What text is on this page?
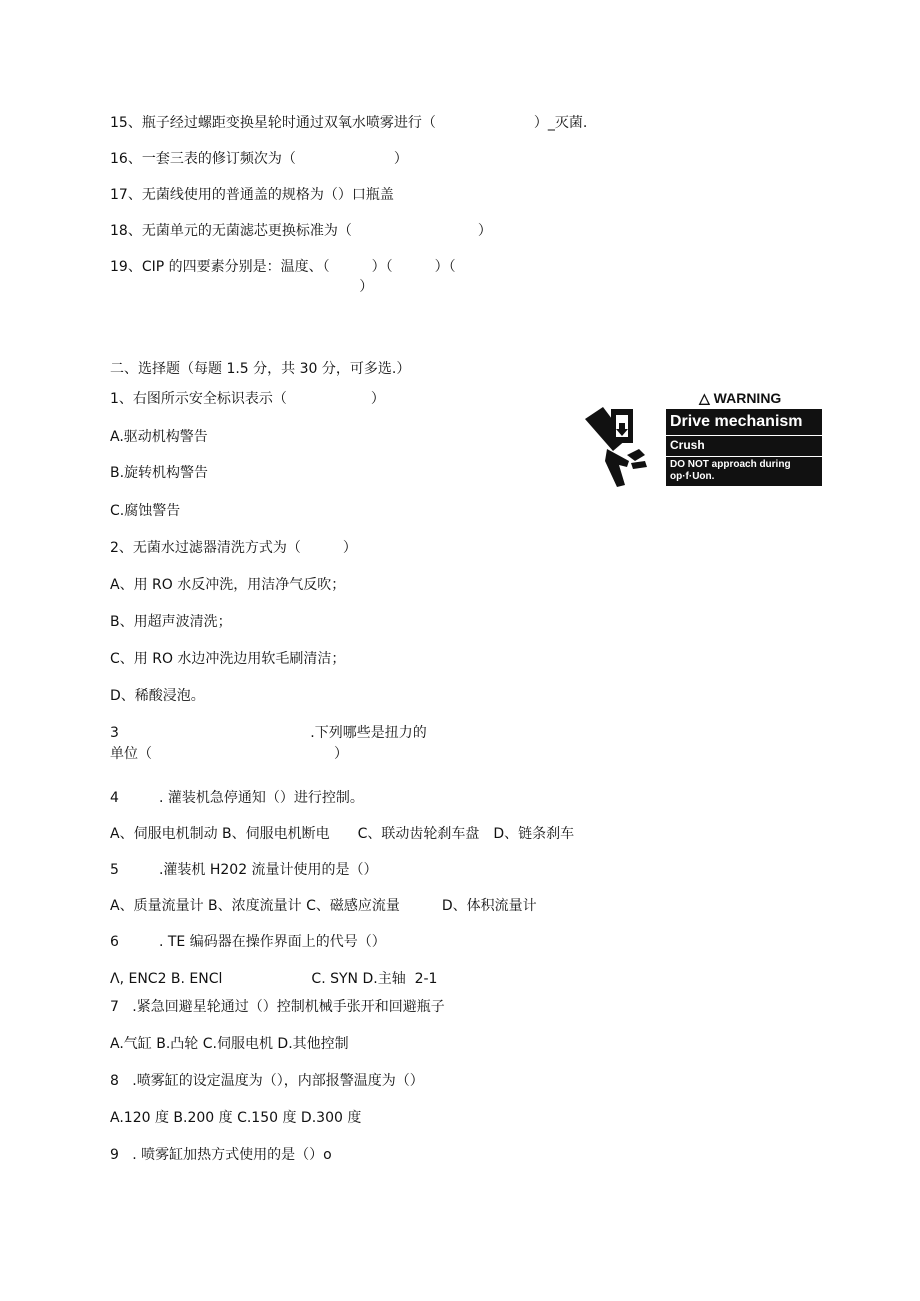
15、瓶子经过螺距变换星轮时通过双氧水喷雾进行（　　　　　　　）_灭菌.
16、一套三表的修订频次为（　　　　　　　）
17、无菌线使用的普通盖的规格为（）口瓶盖
18、无菌单元的无菌滤芯更换标准为（　　　　　　　　　）
19、CIP 的四要素分别是：温度、（　　　）（　　　）（
）
二、选择题（每题 1.5 分，共 30 分，可多选.）
1、右图所示安全标识表示（　　　　　　）
A.驱动机构警告
B.旋转机构警告
C.腐蚀警告
2、无菌水过滤器清洗方式为（　　　）
A、用 RO 水反冲洗，用洁净气反吹；
B、用超声波清洗；
C、用 RO 水边冲洗边用软毛刷清洁；
D、稀酸浸泡。
3                                           .下列哪些是扭力的
单位（　　　　　　　　　　　　　）
4         . 灌装机急停通知（）进行控制。
A、伺服电机制动 B、伺服电机断电　　C、联动齿轮刹车盘　D、链条刹车
5         .灌装机 H202 流量计使用的是（）
A、质量流量计 B、浓度流量计 C、磁感应流量　　　D、体积流量计
6         . TE 编码器在操作界面上的代号（）
Λ, ENC2 B. ENCl                    C. SYN D.主轴  2-1
7   .紧急回避星轮通过（）控制机械手张开和回避瓶子
A.气缸 B.凸轮 C.伺服电机 D.其他控制
8   .喷雾缸的设定温度为（），内部报警温度为（）
A.120 度 B.200 度 C.150 度 D.300 度
9   . 喷雾缸加热方式使用的是（）o
△ WARNING
Drive mechanism
Crush
DO NOT approach during op·f·Uon.
